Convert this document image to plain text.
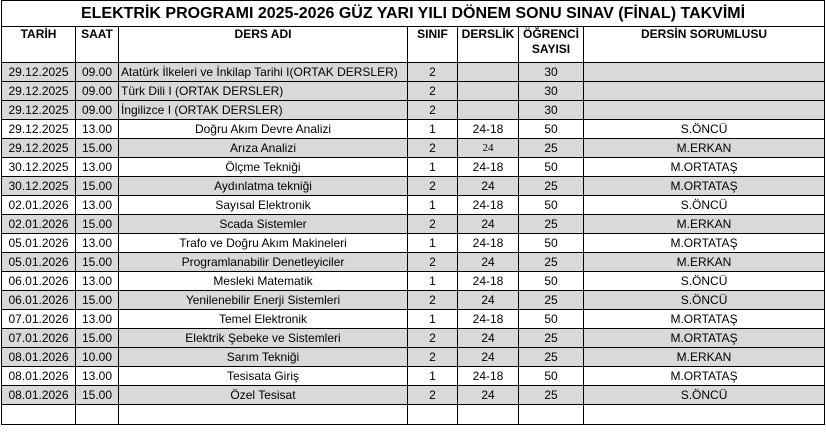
ELEKTRİK PROGRAMI 2025-2026 GÜZ YARI YILI DÖNEM SONU SINAV (FİNAL) TAKVİMİ						
TARİH	SAAT	DERS ADI	SINIF	DERSLİK	ÖĞRENCİ SAYISI	DERSİN SORUMLUSU
29.12.2025	09.00	Atatürk İlkeleri ve İnkilap Tarihi I(ORTAK DERSLER)	2		30	
29.12.2025	09.00	Türk Dili I (ORTAK DERSLER)	2		30	
29.12.2025	09.00	İngilizce I (ORTAK DERSLER)	2		30	
29.12.2025	13.00	Doğru Akım Devre Analizi	1	24-18	50	S.ÖNCÜ
29.12.2025	15.00	Arıza Analizi	2	24	25	M.ERKAN
30.12.2025	13.00	Ölçme Tekniği	1	24-18	50	M.ORTATAŞ
30.12.2025	15.00	Aydınlatma tekniği	2	24	25	M.ORTATAŞ
02.01.2026	13.00	Sayısal Elektronik	1	24-18	50	S.ÖNCÜ
02.01.2026	15.00	Scada Sistemler	2	24	25	M.ERKAN
05.01.2026	13.00	Trafo ve Doğru Akım Makineleri	1	24-18	50	M.ORTATAŞ
05.01.2026	15.00	Programlanabilir Denetleyiciler	2	24	25	M.ERKAN
06.01.2026	13.00	Mesleki Matematik	1	24-18	50	S.ÖNCÜ
06.01.2026	15.00	Yenilenebilir Enerji Sistemleri	2	24	25	S.ÖNCÜ
07.01.2026	13.00	Temel Elektronik	1	24-18	50	M.ORTATAŞ
07.01.2026	15.00	Elektrik Şebeke ve Sistemleri	2	24	25	M.ORTATAŞ
08.01.2026	10.00	Sarım Tekniği	2	24	25	M.ERKAN
08.01.2026	13.00	Tesisata Giriş	1	24-18	50	M.ORTATAŞ
08.01.2026	15.00	Özel Tesisat	2	24	25	S.ÖNCÜ
